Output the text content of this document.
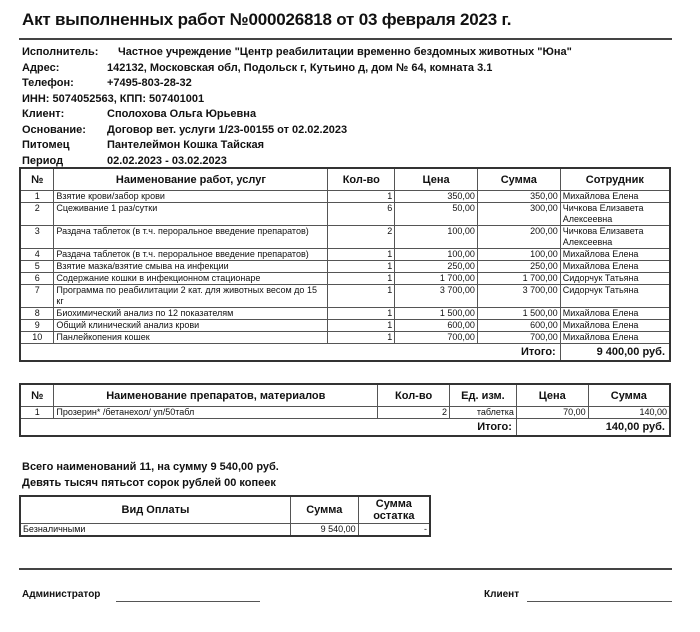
Акт выполненных работ №000026818 от 03 февраля 2023 г.
Исполнитель: Частное учреждение "Центр реабилитации временно бездомных животных "Юна"
Адрес:	142132, Московская обл, Подольск г, Кутьино д, дом № 64, комната 3.1
Телефон:	+7495-803-28-32
ИНН: 5074052563, КПП: 507401001
Клиент:	Сполохова Ольга Юрьевна
Основание: Договор вет. услуги 1/23-00155 от 02.02.2023
Питомец	Пантелеймон Кошка Тайская
Период	02.02.2023 - 03.02.2023
№	Наименование работ, услуг	Кол-во	Цена	Сумма	Сотрудник
1	Взятие крови/забор крови	1	350,00	350,00	Михайлова Елена
2	Сцеживание 1 раз/сутки	6	50,00	300,00	Чичкова Елизавета Алексеевна
3	Раздача таблеток (в т.ч. пероральное введение препаратов)	2	100,00	200,00	Чичкова Елизавета Алексеевна
4	Раздача таблеток (в т.ч. пероральное введение препаратов)	1	100,00	100,00	Михайлова Елена
5	Взятие мазка/взятие смыва на инфекции	1	250,00	250,00	Михайлова Елена
6	Содержание кошки в инфекционном стационаре	1	1 700,00	1 700,00	Сидорчук Татьяна
7	Программа по реабилитации 2 кат. для животных весом до 15 кг	1	3 700,00	3 700,00	Сидорчук Татьяна
8	Биохимический анализ по 12 показателям	1	1 500,00	1 500,00	Михайлова Елена
9	Общий клинический анализ крови	1	600,00	600,00	Михайлова Елена
10	Панлейкопения кошек	1	700,00	700,00	Михайлова Елена
Итого:					9 400,00 руб.
№	Наименование препаратов, материалов	Кол-во	Ед. изм.	Цена	Сумма
1	Прозерин* /бетанехол/ уп/50табл	2	таблетка	70,00	140,00
Итого:				140,00 руб.	
Всего наименований 11, на сумму 9 540,00 руб.
Девять тысяч пятьсот сорок рублей 00 копеек
Вид Оплаты	Сумма	Сумма остатка
Безналичными	9 540,00	-
Администратор	Клиент
